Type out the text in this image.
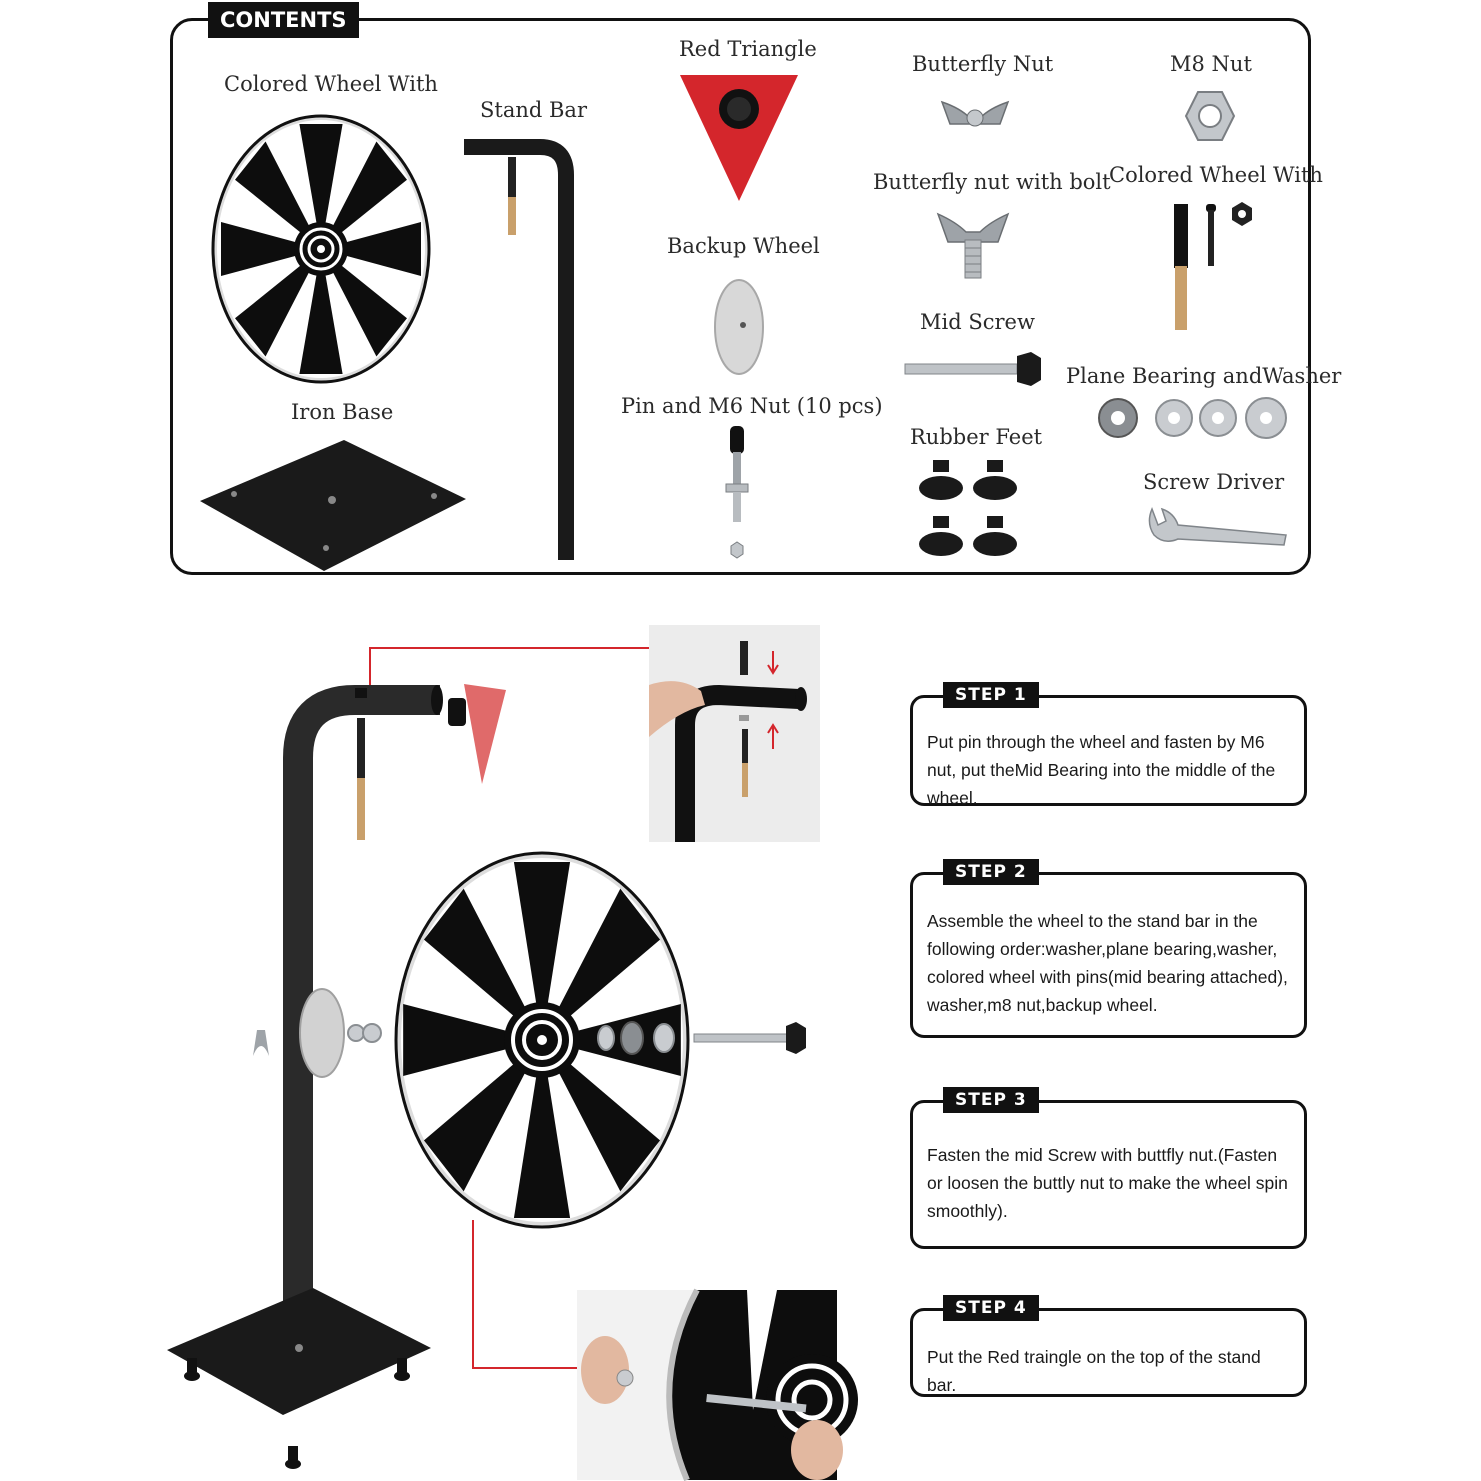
CONTENTS
Colored Wheel With
Stand Bar
Red Triangle
Butterfly Nut	M8 Nut
Butterfly nut with bolt
Colored Wheel With
Backup Wheel
Mid Screw
Plane Bearing andWasher
Iron Base	Pin and M6 Nut (10 pcs)
Rubber Feet
Screw Driver
Put pin through the wheel and fasten by M6 nut, put theMid Bearing into the middle of the wheel.
STEP 1
Assemble the wheel to the stand bar in the following order:washer,plane bearing,washer, colored wheel with pins(mid bearing attached), washer,m8 nut,backup wheel.
STEP 2
Fasten the mid Screw with buttfly nut.(Fasten or loosen the buttly nut to make the wheel spin smoothly).
STEP 3
Put the Red traingle on the top of the stand bar.
STEP 4
